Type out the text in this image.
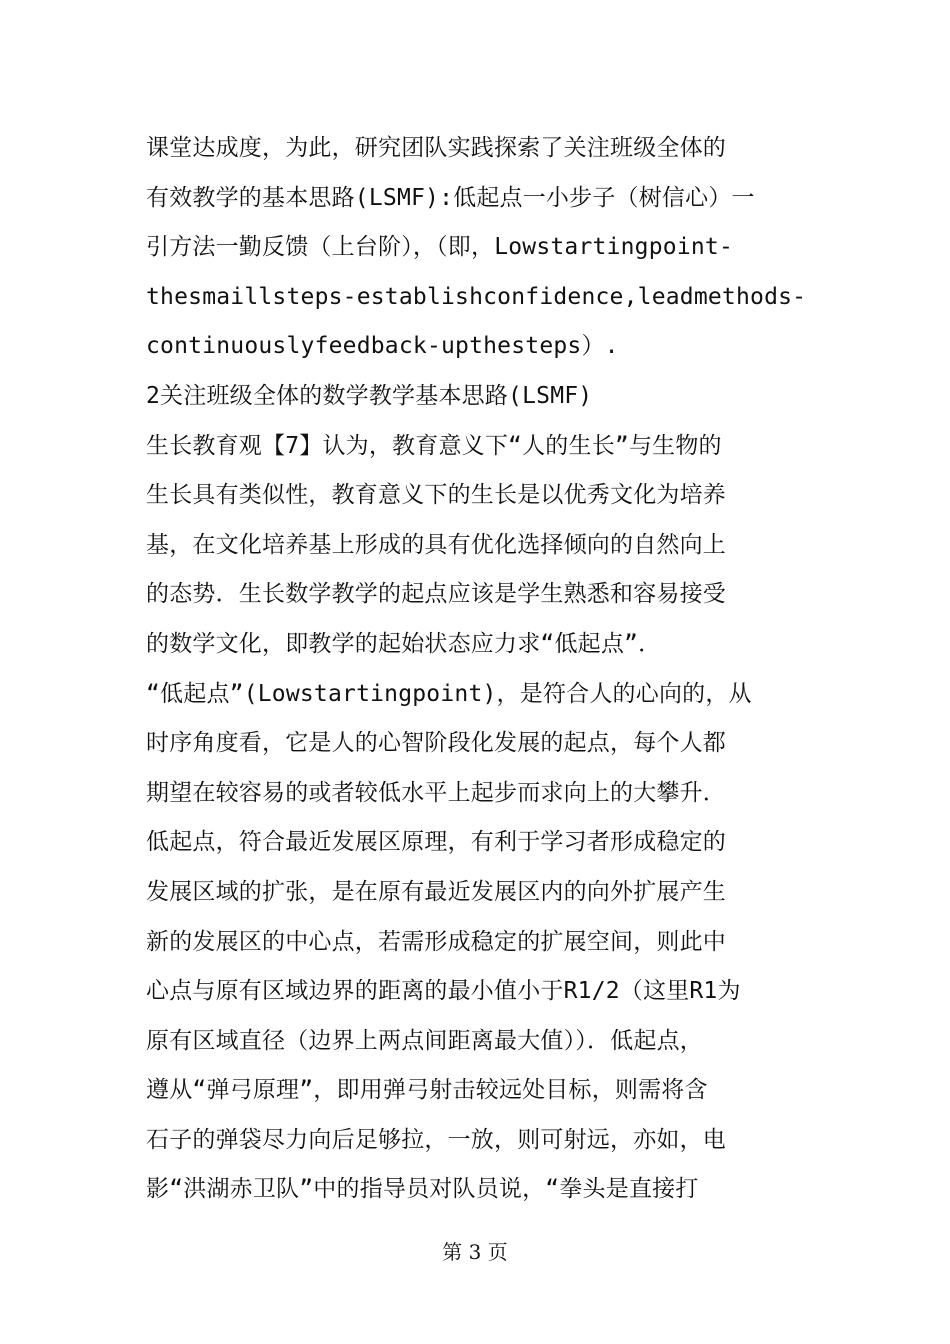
课堂达成度，为此，研究团队实践探索了关注班级全体的
有效教学的基本思路(LSMF):低起点一小步子（树信心）一
引方法一勤反馈（上台阶），（即，Lowstartingpoint-
thesmaillsteps-establishconfidence,leadmethods-
continuouslyfeedback-upthesteps）.
2关注班级全体的数学教学基本思路(LSMF)
生长教育观【7】认为，教育意义下“人的生长”与生物的
生长具有类似性，教育意义下的生长是以优秀文化为培养
基，在文化培养基上形成的具有优化选择倾向的自然向上
的态势．生长数学教学的起点应该是学生熟悉和容易接受
的数学文化，即教学的起始状态应力求“低起点”．
“低起点”(Lowstartingpoint)，是符合人的心向的，从
时序角度看，它是人的心智阶段化发展的起点，每个人都
期望在较容易的或者较低水平上起步而求向上的大攀升．
低起点，符合最近发展区原理，有利于学习者形成稳定的
发展区域的扩张，是在原有最近发展区内的向外扩展产生
新的发展区的中心点，若需形成稳定的扩展空间，则此中
心点与原有区域边界的距离的最小值小于R1/2（这里R1为
原有区域直径（边界上两点间距离最大值））．低起点，
遵从“弹弓原理”，即用弹弓射击较远处目标，则需将含
石子的弹袋尽力向后足够拉，一放，则可射远，亦如，电
影“洪湖赤卫队”中的指导员对队员说，“拳头是直接打
第 3 页
